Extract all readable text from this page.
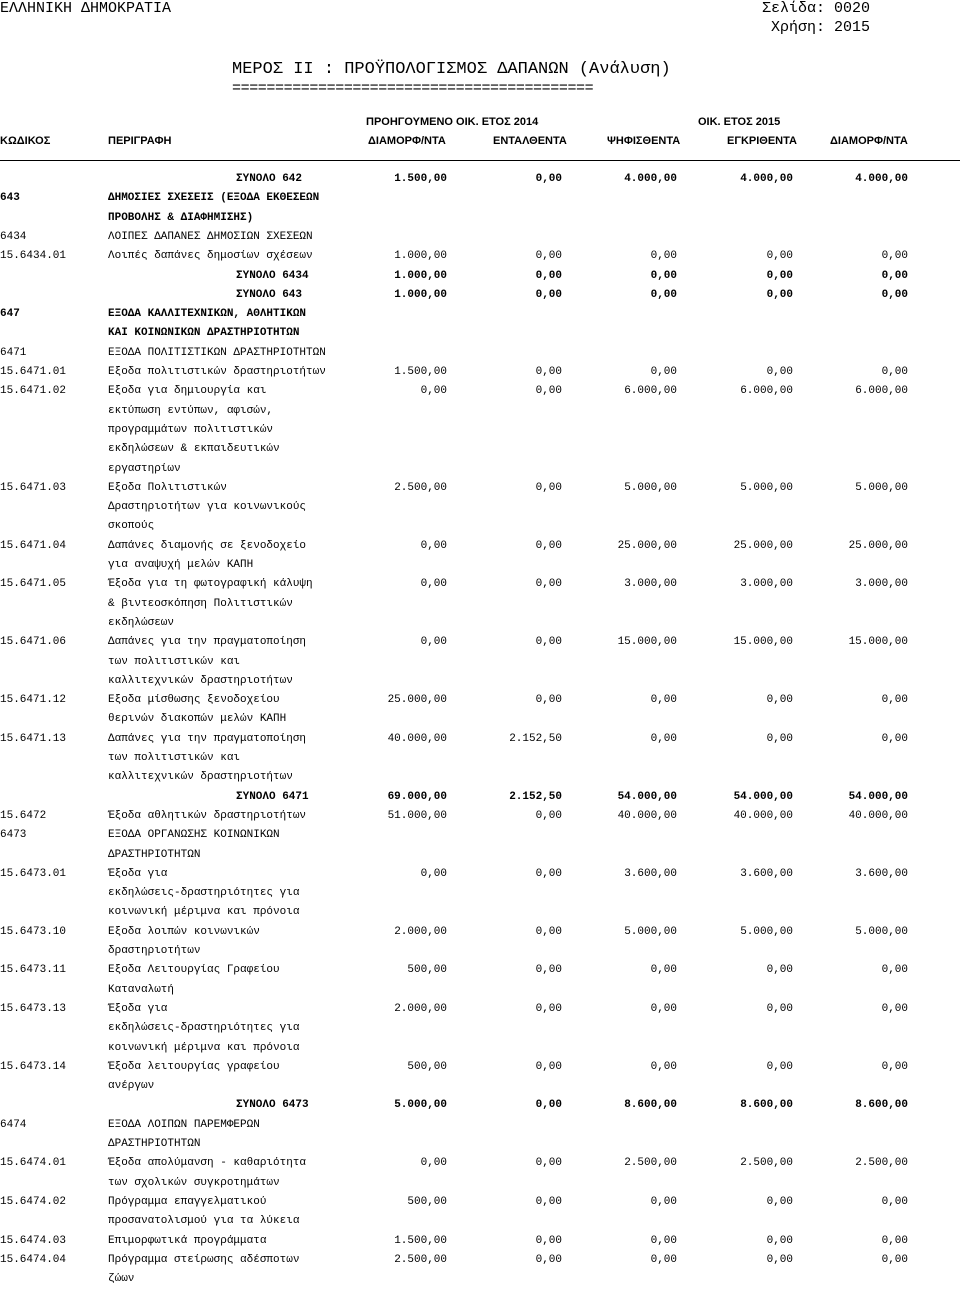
ΕΛΛΗΝΙΚΗ ΔΗΜΟΚΡΑΤΙΑ	Σελίδα: 0020
Χρήση: 2015
ΜΕΡΟΣ ΙΙ : ΠΡΟΫΠΟΛΟΓΙΣΜΟΣ ΔΑΠΑΝΩΝ (Ανάλυση)
==========================================
ΠΡΟΗΓΟΥΜΕΝΟ ΟΙΚ. ΕΤΟΣ 2014	ΟΙΚ. ΕΤΟΣ 2015
ΚΩΔΙΚΟΣ	ΠΕΡΙΓΡΑΦΗ	ΔΙΑΜΟΡΦ/ΝΤΑ	ΕΝΤΑΛΘΕΝΤΑ	ΨΗΦΙΣΘΕΝΤΑ	ΕΓΚΡΙΘΕΝΤΑ	ΔΙΑΜΟΡΦ/ΝΤΑ
ΣΥΝΟΛΟ 642	1.500,00	0,00	4.000,00	4.000,00	4.000,00
643	ΔΗΜΟΣΙΕΣ ΣΧΕΣΕΙΣ (ΕΞΟΔΑ ΕΚΘΕΣΕΩΝ
ΠΡΟΒΟΛΗΣ & ΔΙΑΦΗΜΙΣΗΣ)
6434	ΛΟΙΠΕΣ ΔΑΠΑΝΕΣ ΔΗΜΟΣΙΩΝ ΣΧΕΣΕΩΝ
15.6434.01	Λοιπές δαπάνες δημοσίων σχέσεων	1.000,00	0,00	0,00	0,00	0,00
ΣΥΝΟΛΟ 6434	1.000,00	0,00	0,00	0,00	0,00
ΣΥΝΟΛΟ 643	1.000,00	0,00	0,00	0,00	0,00
647	ΕΞΟΔΑ ΚΑΛΛΙΤΕΧΝΙΚΩΝ, ΑΘΛΗΤΙΚΩΝ
ΚΑΙ ΚΟΙΝΩΝΙΚΩΝ ΔΡΑΣΤΗΡΙΟΤΗΤΩΝ
6471	ΕΞΟΔΑ ΠΟΛΙΤΙΣΤΙΚΩΝ ΔΡΑΣΤΗΡΙΟΤΗΤΩΝ
15.6471.01	Εξοδα πολιτιστικών δραστηριοτήτων	1.500,00	0,00	0,00	0,00	0,00
15.6471.02	Εξοδα για δημιουργία και	0,00	0,00	6.000,00	6.000,00	6.000,00
εκτύπωση εντύπων, αφισών,
προγραμμάτων πολιτιστικών
εκδηλώσεων & εκπαιδευτικών
εργαστηρίων
15.6471.03	Εξοδα Πολιτιστικών	2.500,00	0,00	5.000,00	5.000,00	5.000,00
Δραστηριοτήτων για κοινωνικούς
σκοπούς
15.6471.04	Δαπάνες διαμονής σε ξενοδοχείο	0,00	0,00	25.000,00	25.000,00	25.000,00
για αναψυχή μελών ΚΑΠΗ
15.6471.05	Έξοδα για τη φωτογραφική κάλυψη	0,00	0,00	3.000,00	3.000,00	3.000,00
& βιντεοσκόπηση Πολιτιστικών
εκδηλώσεων
15.6471.06	Δαπάνες για την πραγματοποίηση	0,00	0,00	15.000,00	15.000,00	15.000,00
των πολιτιστικών και
καλλιτεχνικών δραστηριοτήτων
15.6471.12	Εξοδα μίσθωσης ξενοδοχείου	25.000,00	0,00	0,00	0,00	0,00
θερινών διακοπών μελών ΚΑΠΗ
15.6471.13	Δαπάνες για την πραγματοποίηση	40.000,00	2.152,50	0,00	0,00	0,00
των πολιτιστικών και
καλλιτεχνικών δραστηριοτήτων
ΣΥΝΟΛΟ 6471	69.000,00	2.152,50	54.000,00	54.000,00	54.000,00
15.6472	Έξοδα αθλητικών δραστηριοτήτων	51.000,00	0,00	40.000,00	40.000,00	40.000,00
6473	ΕΞΟΔΑ ΟΡΓΑΝΩΣΗΣ ΚΟΙΝΩΝΙΚΩΝ
ΔΡΑΣΤΗΡΙΟΤΗΤΩΝ
15.6473.01	Έξοδα για	0,00	0,00	3.600,00	3.600,00	3.600,00
εκδηλώσεις-δραστηριότητες για
κοινωνική μέριμνα και πρόνοια
15.6473.10	Εξοδα λοιπών κοινωνικών	2.000,00	0,00	5.000,00	5.000,00	5.000,00
δραστηριοτήτων
15.6473.11	Εξοδα Λειτουργίας Γραφείου	500,00	0,00	0,00	0,00	0,00
Καταναλωτή
15.6473.13	Έξοδα για	2.000,00	0,00	0,00	0,00	0,00
εκδηλώσεις-δραστηριότητες για
κοινωνική μέριμνα και πρόνοια
15.6473.14	Έξοδα λειτουργίας γραφείου	500,00	0,00	0,00	0,00	0,00
ανέργων
ΣΥΝΟΛΟ 6473	5.000,00	0,00	8.600,00	8.600,00	8.600,00
6474	ΕΞΟΔΑ ΛΟΙΠΩΝ ΠΑΡΕΜΦΕΡΩΝ
ΔΡΑΣΤΗΡΙΟΤΗΤΩΝ
15.6474.01	Έξοδα απολύμανση - καθαριότητα	0,00	0,00	2.500,00	2.500,00	2.500,00
των σχολικών συγκροτημάτων
15.6474.02	Πρόγραμμα επαγγελματικού	500,00	0,00	0,00	0,00	0,00
προσανατολισμού για τα λύκεια
15.6474.03	Επιμορφωτικά προγράμματα	1.500,00	0,00	0,00	0,00	0,00
15.6474.04	Πρόγραμμα στείρωσης αδέσποτων	2.500,00	0,00	0,00	0,00	0,00
ζώων
